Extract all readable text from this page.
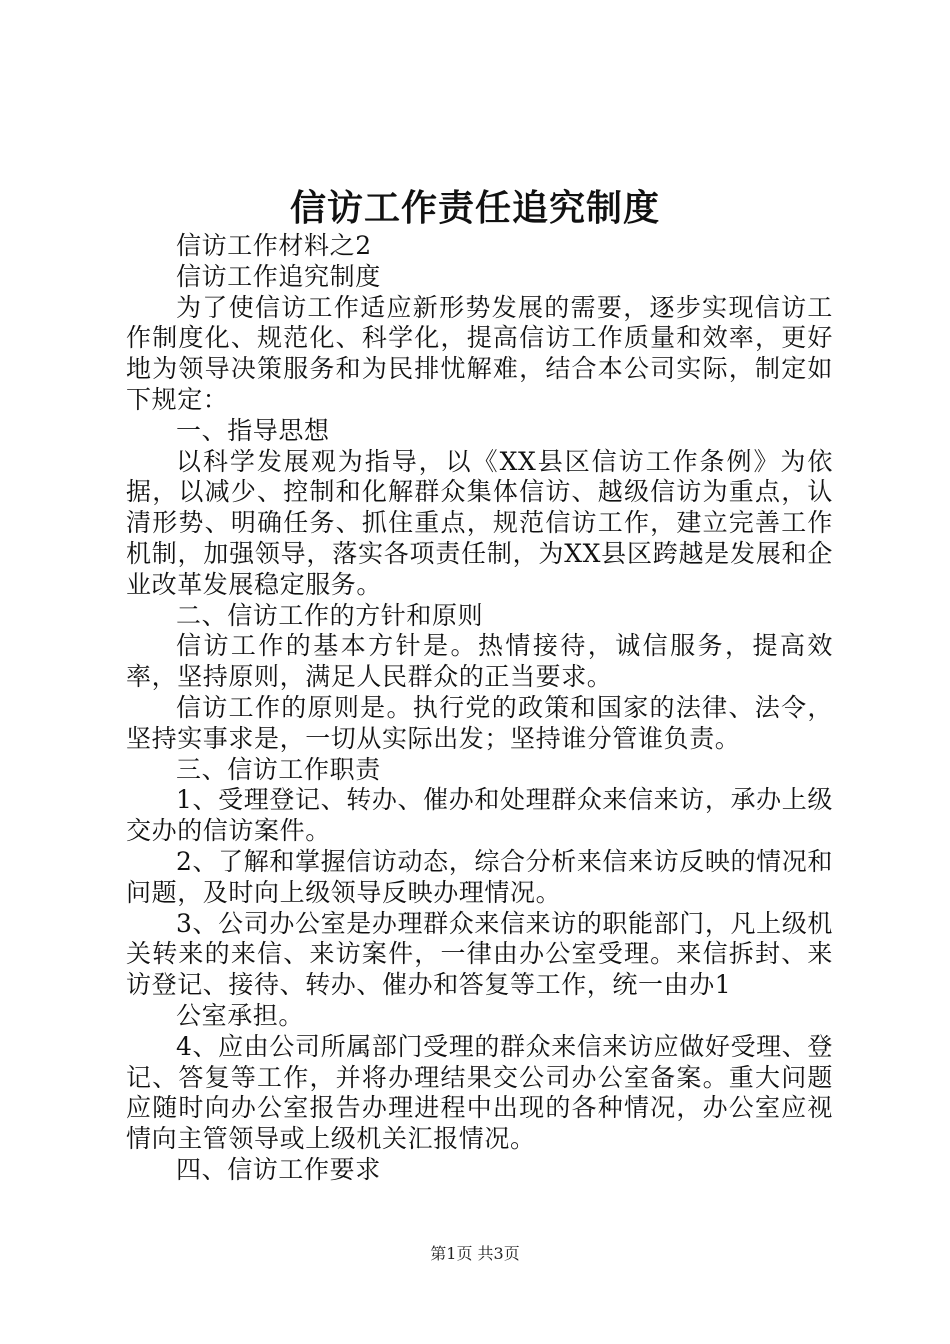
信访工作责任追究制度

信访工作材料之2

信访工作追究制度

为了使信访工作适应新形势发展的需要，逐步实现信访工作制度化、规范化、科学化，提高信访工作质量和效率，更好地为领导决策服务和为民排忧解难，结合本公司实际，制定如下规定：

一、指导思想

以科学发展观为指导，以《XX县区信访工作条例》为依据，以减少、控制和化解群众集体信访、越级信访为重点，认清形势、明确任务、抓住重点，规范信访工作，建立完善工作机制，加强领导，落实各项责任制，为XX县区跨越是发展和企业改革发展稳定服务。

二、信访工作的方针和原则

信访工作的基本方针是。热情接待，诚信服务，提高效率，坚持原则，满足人民群众的正当要求。

信访工作的原则是。执行党的政策和国家的法律、法令，坚持实事求是，一切从实际出发；坚持谁分管谁负责。

三、信访工作职责

1、受理登记、转办、催办和处理群众来信来访，承办上级交办的信访案件。

2、了解和掌握信访动态，综合分析来信来访反映的情况和问题，及时向上级领导反映办理情况。

3、公司办公室是办理群众来信来访的职能部门，凡上级机关转来的来信、来访案件，一律由办公室受理。来信拆封、来访登记、接待、转办、催办和答复等工作，统一由办1

公室承担。

4、应由公司所属部门受理的群众来信来访应做好受理、登记、答复等工作，并将办理结果交公司办公室备案。重大问题应随时向办公室报告办理进程中出现的各种情况，办公室应视情向主管领导或上级机关汇报情况。

四、信访工作要求

第1页 共3页
